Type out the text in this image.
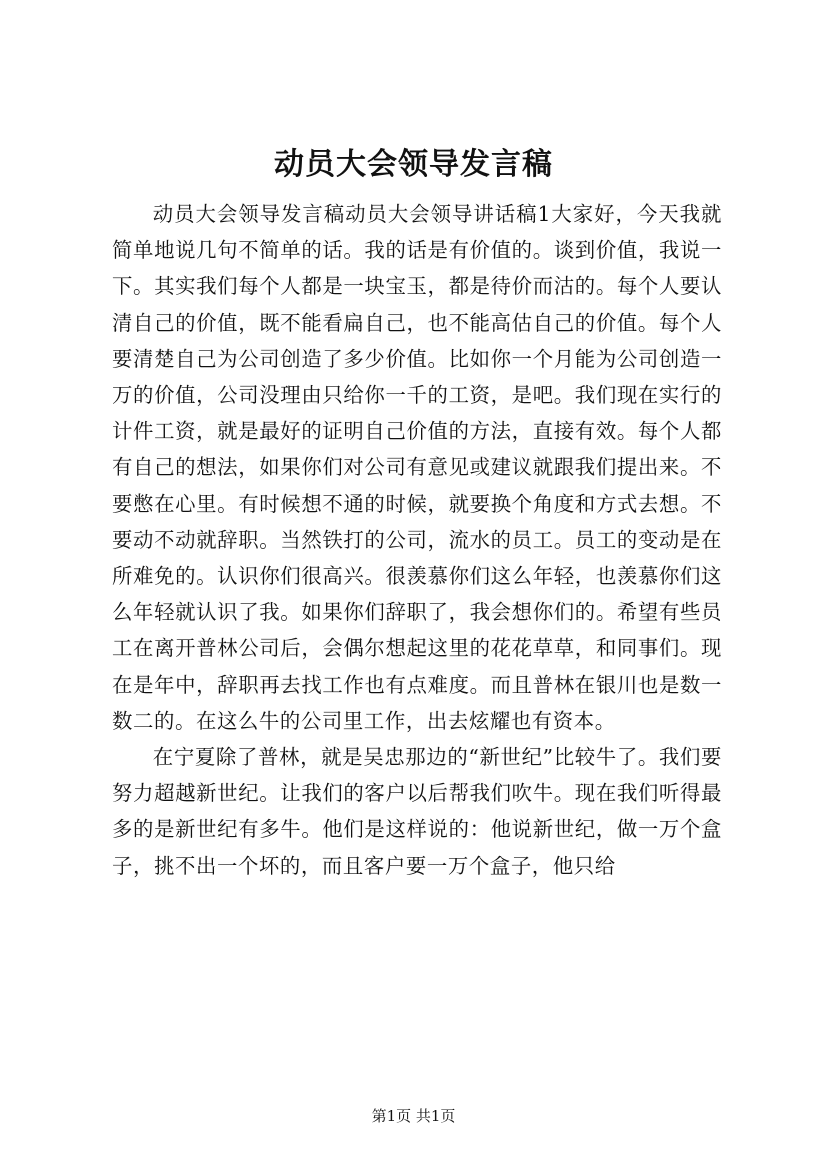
动员大会领导发言稿

动员大会领导发言稿动员大会领导讲话稿1大家好，今天我就简单地说几句不简单的话。我的话是有价值的。谈到价值，我说一下。其实我们每个人都是一块宝玉，都是待价而沽的。每个人要认清自己的价值，既不能看扁自己，也不能高估自己的价值。每个人要清楚自己为公司创造了多少价值。比如你一个月能为公司创造一万的价值，公司没理由只给你一千的工资，是吧。我们现在实行的计件工资，就是最好的证明自己价值的方法，直接有效。每个人都有自己的想法，如果你们对公司有意见或建议就跟我们提出来。不要憋在心里。有时候想不通的时候，就要换个角度和方式去想。不要动不动就辞职。当然铁打的公司，流水的员工。员工的变动是在所难免的。认识你们很高兴。很羡慕你们这么年轻，也羡慕你们这么年轻就认识了我。如果你们辞职了，我会想你们的。希望有些员工在离开普林公司后，会偶尔想起这里的花花草草，和同事们。现在是年中，辞职再去找工作也有点难度。而且普林在银川也是数一数二的。在这么牛的公司里工作，出去炫耀也有资本。

在宁夏除了普林，就是吴忠那边的“新世纪”比较牛了。我们要努力超越新世纪。让我们的客户以后帮我们吹牛。现在我们听得最多的是新世纪有多牛。他们是这样说的：他说新世纪，做一万个盒子，挑不出一个坏的，而且客户要一万个盒子，他只给

第1页 共1页
